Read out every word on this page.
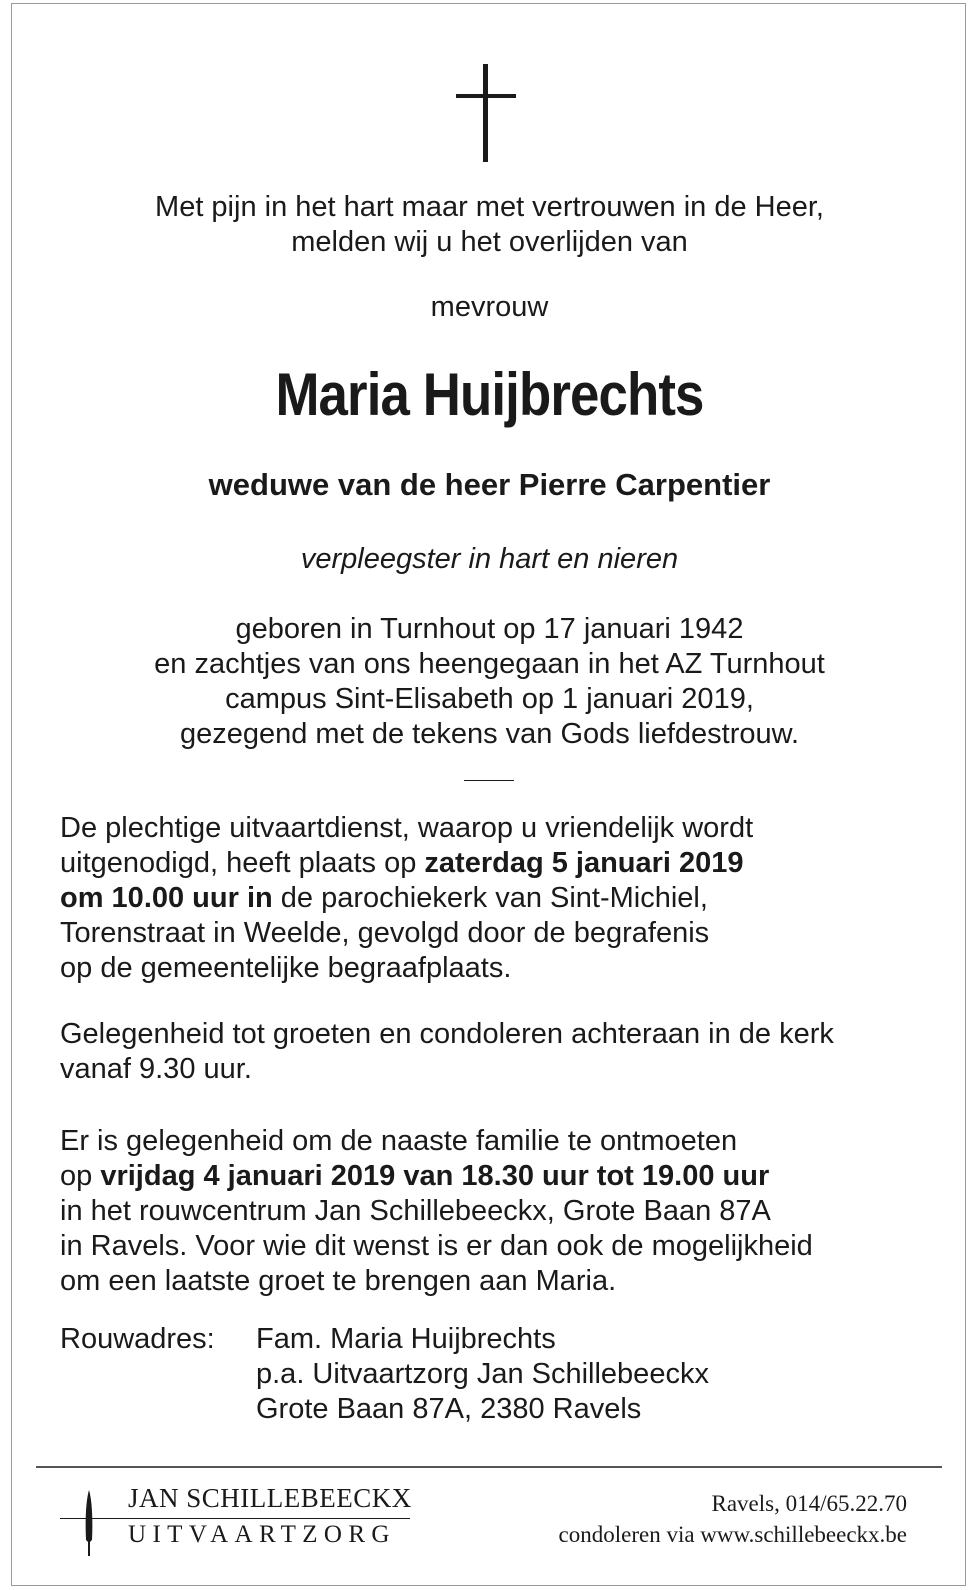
Met pijn in het hart maar met vertrouwen in de Heer,
melden wij u het overlijden van
mevrouw
Maria Huijbrechts
weduwe van de heer Pierre Carpentier
verpleegster in hart en nieren
geboren in Turnhout op 17 januari 1942
en zachtjes van ons heengegaan in het AZ Turnhout
campus Sint-Elisabeth op 1 januari 2019,
gezegend met de tekens van Gods liefdestrouw.
De plechtige uitvaartdienst, waarop u vriendelijk wordt
uitgenodigd, heeft plaats op zaterdag 5 januari 2019
om 10.00 uur in de parochiekerk van Sint-Michiel,
Torenstraat in Weelde, gevolgd door de begrafenis
op de gemeentelijke begraafplaats.
Gelegenheid tot groeten en condoleren achteraan in de kerk
vanaf 9.30 uur.
Er is gelegenheid om de naaste familie te ontmoeten
op vrijdag 4 januari 2019 van 18.30 uur tot 19.00 uur
in het rouwcentrum Jan Schillebeeckx, Grote Baan 87A
in Ravels. Voor wie dit wenst is er dan ook de mogelijkheid
om een laatste groet te brengen aan Maria.
Rouwadres: Fam. Maria Huijbrechts
p.a. Uitvaartzorg Jan Schillebeeckx
Grote Baan 87A, 2380 Ravels
JAN SCHILLEBEECKX
UITVAARTZORG
Ravels, 014/65.22.70
condoleren via www.schillebeeckx.be
